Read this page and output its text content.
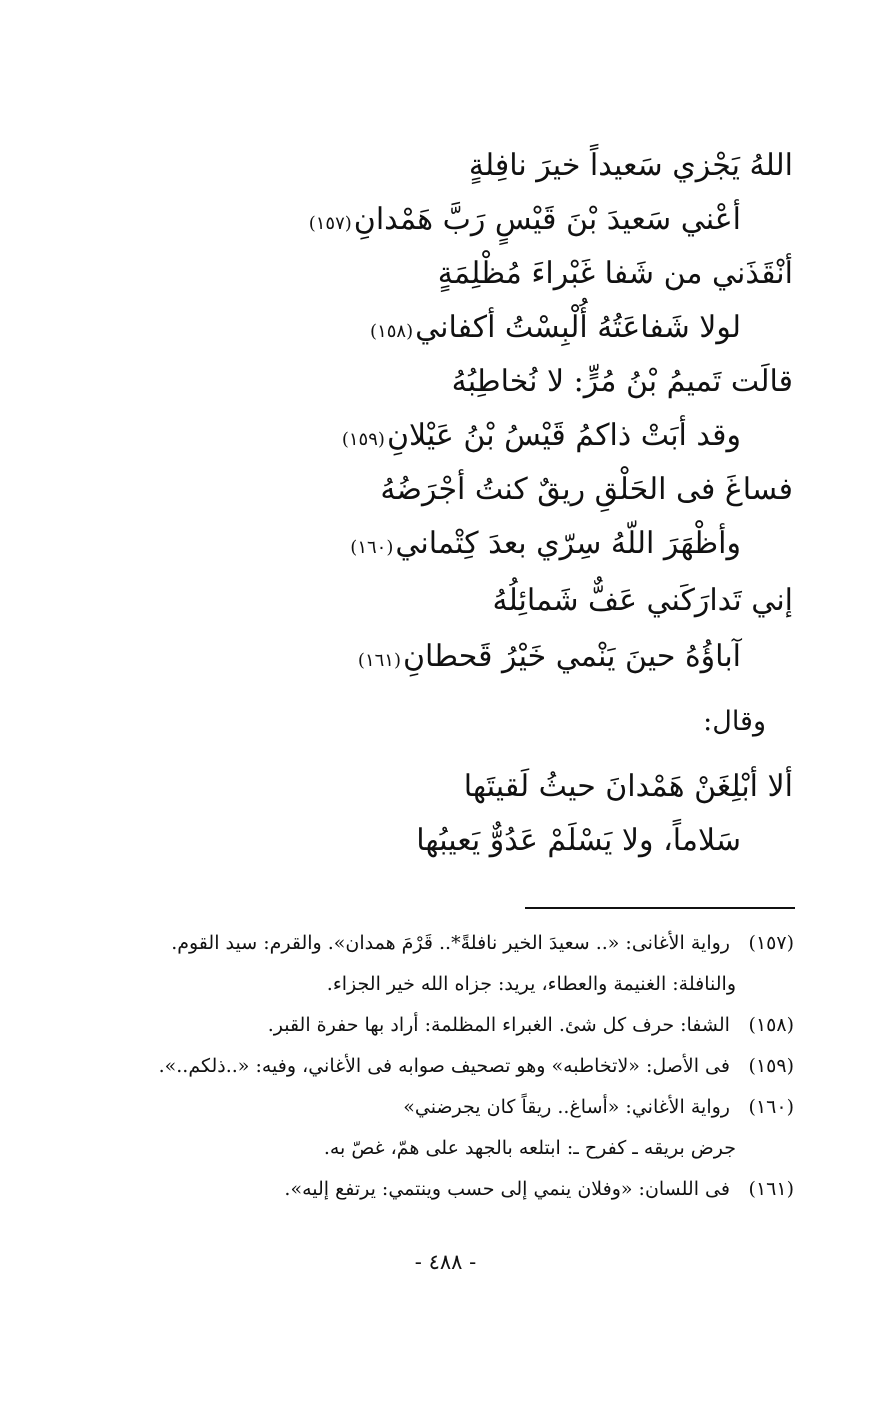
اللهُ يَجْزي سَعيداً خيرَ نافِلةٍ
أعْني سَعيدَ بْنَ قَيْسٍ رَبَّ هَمْدانِ(١٥٧)
أنْقَذَني من شَفا غَبْراءَ مُظْلِمَةٍ
لولا شَفاعَتُهُ أُلْبِسْتُ أكفاني(١٥٨)
قالَت تَميمُ بْنُ مُرٍّ: لا نُخاطِبُهُ
وقد أبَتْ ذاكمُ قَيْسُ بْنُ عَيْلانِ(١٥٩)
فساغَ فى الحَلْقِ ريقٌ كنتُ أجْرَضُهُ
وأظْهَرَ اللّهُ سِرّي بعدَ كِتْماني(١٦٠)
إني تَدارَكَني عَفٌّ شَمائِلُهُ
آباؤُهُ حينَ يَنْمي خَيْرُ قَحطانِ(١٦١)
وقال:
ألا أبْلِغَنْ هَمْدانَ حيثُ لَقيتَها
سَلاماً، ولا يَسْلَمْ عَدُوٌّ يَعيبُها
(١٥٧) رواية الأغانى: «.. سعيدَ الخير نافلةً*.. قَرْمَ همدان». والقرم: سيد القوم.
والنافلة: الغنيمة والعطاء، يريد: جزاه الله خير الجزاء.
(١٥٨) الشفا: حرف كل شئ. الغبراء المظلمة: أراد بها حفرة القبر.
(١٥٩) فى الأصل: «لاتخاطبه» وهو تصحيف صوابه فى الأغاني، وفيه: «..ذلكم..».
(١٦٠) رواية الأغاني: «أساغ.. ريقاً كان يجرضني»
جرض بريقه ـ كفرح ـ: ابتلعه بالجهد على همّ، غصّ به.
(١٦١) فى اللسان: «وفلان ينمي إلى حسب وينتمي: يرتفع إليه».
- ٤٨٨ -
